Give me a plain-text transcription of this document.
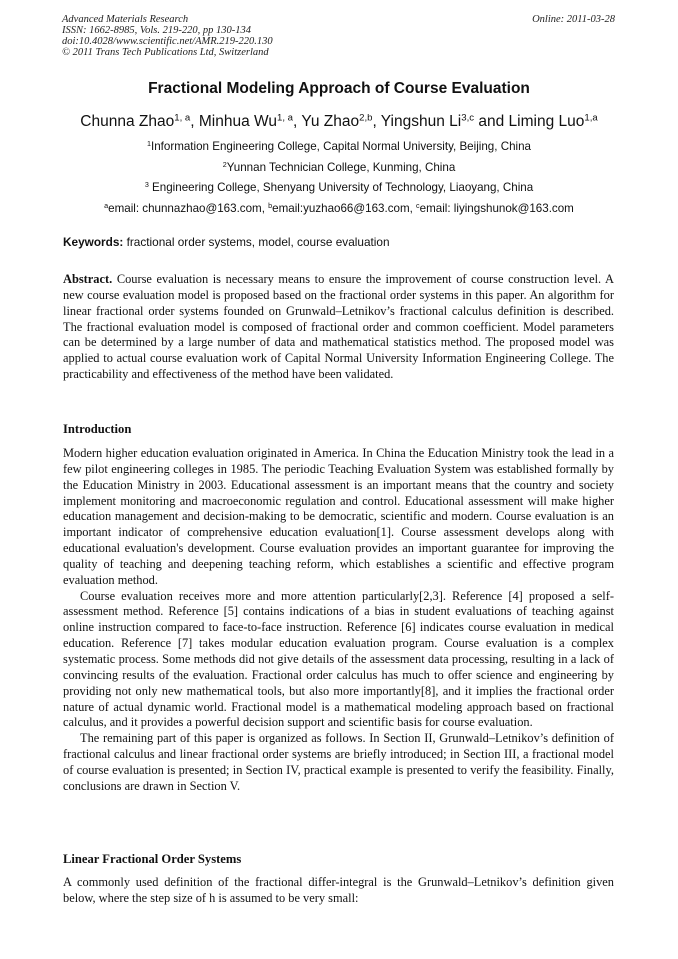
Advanced Materials Research
ISSN: 1662-8985, Vols. 219-220, pp 130-134
doi:10.4028/www.scientific.net/AMR.219-220.130
© 2011 Trans Tech Publications Ltd, Switzerland
Online: 2011-03-28
Fractional Modeling Approach of Course Evaluation
Chunna Zhao$^{1, a}$, Minhua Wu$^{1, a}$, Yu Zhao$^{2,b}$, Yingshun Li$^{3,c}$ and Liming Luo$^{1,a}$
$^1$Information Engineering College, Capital Normal University, Beijing, China
$^2$Yunnan Technician College, Kunming, China
$^3$ Engineering College, Shenyang University of Technology, Liaoyang, China
$^a$email: chunnazhao@163.com, $^b$email:yuzhao66@163.com, $^c$email: liyingshunok@163.com
Keywords: fractional order systems, model, course evaluation

Abstract. Course evaluation is necessary means to ensure the improvement of course construction level. A new course evaluation model is proposed based on the fractional order systems in this paper. An algorithm for linear fractional order systems founded on Grunwald–Letnikov’s fractional calculus definition is described. The fractional evaluation model is composed of fractional order and common coefficient. Model parameters can be determined by a large number of data and mathematical statistics method. The proposed model was applied to actual course evaluation work of Capital Normal University Information Engineering College. The practicability and effectiveness of the method have been validated.

Introduction

Modern higher education evaluation originated in America. In China the Education Ministry took the lead in a few pilot engineering colleges in 1985. The periodic Teaching Evaluation System was established formally by the Education Ministry in 2003. Educational assessment is an important means that the country and society implement monitoring and macroeconomic regulation and control. Educational assessment will make higher education management and decision-making to be democratic, scientific and modern. Course evaluation is an important indicator of comprehensive education evaluation[1]. Course assessment develops along with educational evaluation's development. Course evaluation provides an important guarantee for improving the quality of teaching and deepening teaching reform, which establishes a scientific and effective program evaluation method.

Course evaluation receives more and more attention particularly[2,3]. Reference [4] proposed a self-assessment method. Reference [5] contains indications of a bias in student evaluations of teaching against online instruction compared to face-to-face instruction. Reference [6] indicates course evaluation in medical education. Reference [7] takes modular education evaluation program. Course evaluation is a complex systematic process. Some methods did not give details of the assessment data processing, resulting in a lack of convincing results of the evaluation. Fractional order calculus has much to offer science and engineering by providing not only new mathematical tools, but also more importantly[8], and it implies the fractional order nature of actual dynamic world. Fractional model is a mathematical modeling approach based on fractional calculus, and it provides a powerful decision support and scientific basis for course evaluation.

The remaining part of this paper is organized as follows. In Section II, Grunwald–Letnikov’s definition of fractional calculus and linear fractional order systems are briefly introduced; in Section III, a fractional model of course evaluation is presented; in Section IV, practical example is presented to verify the feasibility. Finally, conclusions are drawn in Section V.

Linear Fractional Order Systems

A commonly used definition of the fractional differ-integral is the Grunwald–Letnikov’s definition given below, where the step size of h is assumed to be very small:
